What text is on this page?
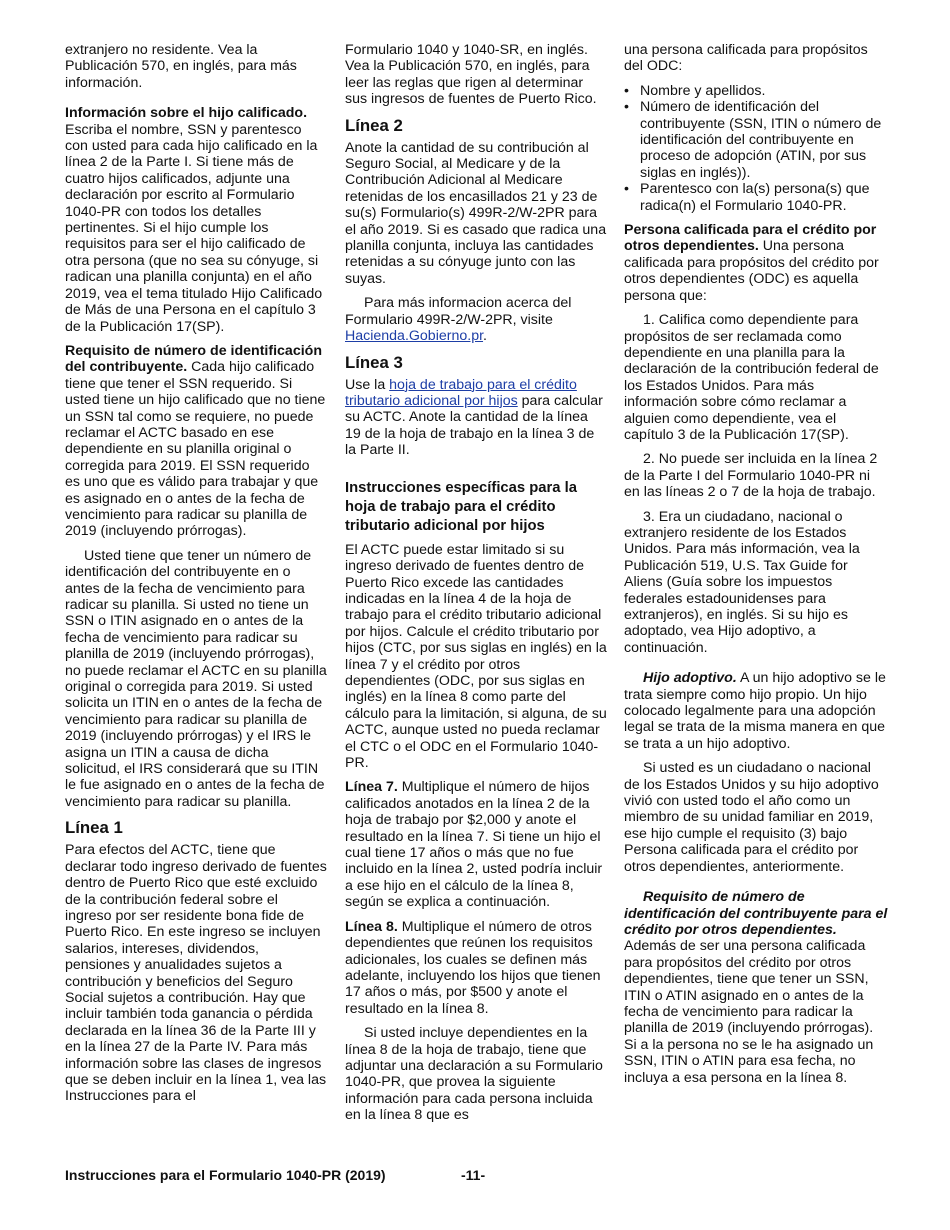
extranjero no residente. Vea la Publicación 570, en inglés, para más información.

Información sobre el hijo calificado. Escriba el nombre, SSN y parentesco con usted para cada hijo calificado en la línea 2 de la Parte I. Si tiene más de cuatro hijos calificados, adjunte una declaración por escrito al Formulario 1040-PR con todos los detalles pertinentes. Si el hijo cumple los requisitos para ser el hijo calificado de otra persona (que no sea su cónyuge, si radican una planilla conjunta) en el año 2019, vea el tema titulado Hijo Calificado de Más de una Persona en el capítulo 3 de la Publicación 17(SP).

Requisito de número de identificación del contribuyente. Cada hijo calificado tiene que tener el SSN requerido. Si usted tiene un hijo calificado que no tiene un SSN tal como se requiere, no puede reclamar el ACTC basado en ese dependiente en su planilla original o corregida para 2019. El SSN requerido es uno que es válido para trabajar y que es asignado en o antes de la fecha de vencimiento para radicar su planilla de 2019 (incluyendo prórrogas).

Usted tiene que tener un número de identificación del contribuyente en o antes de la fecha de vencimiento para radicar su planilla. Si usted no tiene un SSN o ITIN asignado en o antes de la fecha de vencimiento para radicar su planilla de 2019 (incluyendo prórrogas), no puede reclamar el ACTC en su planilla original o corregida para 2019. Si usted solicita un ITIN en o antes de la fecha de vencimiento para radicar su planilla de 2019 (incluyendo prórrogas) y el IRS le asigna un ITIN a causa de dicha solicitud, el IRS considerará que su ITIN le fue asignado en o antes de la fecha de vencimiento para radicar su planilla.

Línea 1

Para efectos del ACTC, tiene que declarar todo ingreso derivado de fuentes dentro de Puerto Rico que esté excluido de la contribución federal sobre el ingreso por ser residente bona fide de Puerto Rico. En este ingreso se incluyen salarios, intereses, dividendos, pensiones y anualidades sujetos a contribución y beneficios del Seguro Social sujetos a contribución. Hay que incluir también toda ganancia o pérdida declarada en la línea 36 de la Parte III y en la línea 27 de la Parte IV. Para más información sobre las clases de ingresos que se deben incluir en la línea 1, vea las Instrucciones para el

Formulario 1040 y 1040-SR, en inglés. Vea la Publicación 570, en inglés, para leer las reglas que rigen al determinar sus ingresos de fuentes de Puerto Rico.

Línea 2

Anote la cantidad de su contribución al Seguro Social, al Medicare y de la Contribución Adicional al Medicare retenidas de los encasillados 21 y 23 de su(s) Formulario(s) 499R-2/W-2PR para el año 2019. Si es casado que radica una planilla conjunta, incluya las cantidades retenidas a su cónyuge junto con las suyas.

Para más informacion acerca del Formulario 499R-2/W-2PR, visite Hacienda.Gobierno.pr.

Línea 3

Use la hoja de trabajo para el crédito tributario adicional por hijos para calcular su ACTC. Anote la cantidad de la línea 19 de la hoja de trabajo en la línea 3 de la Parte II.

Instrucciones específicas para la hoja de trabajo para el crédito tributario adicional por hijos

El ACTC puede estar limitado si su ingreso derivado de fuentes dentro de Puerto Rico excede las cantidades indicadas en la línea 4 de la hoja de trabajo para el crédito tributario adicional por hijos. Calcule el crédito tributario por hijos (CTC, por sus siglas en inglés) en la línea 7 y el crédito por otros dependientes (ODC, por sus siglas en inglés) en la línea 8 como parte del cálculo para la limitación, si alguna, de su ACTC, aunque usted no pueda reclamar el CTC o el ODC en el Formulario 1040-PR.

Línea 7. Multiplique el número de hijos calificados anotados en la línea 2 de la hoja de trabajo por $2,000 y anote el resultado en la línea 7. Si tiene un hijo el cual tiene 17 años o más que no fue incluido en la línea 2, usted podría incluir a ese hijo en el cálculo de la línea 8, según se explica a continuación.

Línea 8. Multiplique el número de otros dependientes que reúnen los requisitos adicionales, los cuales se definen más adelante, incluyendo los hijos que tienen 17 años o más, por $500 y anote el resultado en la línea 8.

Si usted incluye dependientes en la línea 8 de la hoja de trabajo, tiene que adjuntar una declaración a su Formulario 1040-PR, que provea la siguiente información para cada persona incluida en la línea 8 que es

una persona calificada para propósitos del ODC:

• Nombre y apellidos.
• Número de identificación del contribuyente (SSN, ITIN o número de identificación del contribuyente en proceso de adopción (ATIN, por sus siglas en inglés)).
• Parentesco con la(s) persona(s) que radica(n) el Formulario 1040-PR.

Persona calificada para el crédito por otros dependientes. Una persona calificada para propósitos del crédito por otros dependientes (ODC) es aquella persona que:

1. Califica como dependiente para propósitos de ser reclamada como dependiente en una planilla para la declaración de la contribución federal de los Estados Unidos. Para más información sobre cómo reclamar a alguien como dependiente, vea el capítulo 3 de la Publicación 17(SP).

2. No puede ser incluida en la línea 2 de la Parte I del Formulario 1040-PR ni en las líneas 2 o 7 de la hoja de trabajo.

3. Era un ciudadano, nacional o extranjero residente de los Estados Unidos. Para más información, vea la Publicación 519, U.S. Tax Guide for Aliens (Guía sobre los impuestos federales estadounidenses para extranjeros), en inglés. Si su hijo es adoptado, vea Hijo adoptivo, a continuación.

Hijo adoptivo. A un hijo adoptivo se le trata siempre como hijo propio. Un hijo colocado legalmente para una adopción legal se trata de la misma manera en que se trata a un hijo adoptivo.

Si usted es un ciudadano o nacional de los Estados Unidos y su hijo adoptivo vivió con usted todo el año como un miembro de su unidad familiar en 2019, ese hijo cumple el requisito (3) bajo Persona calificada para el crédito por otros dependientes, anteriormente.

Requisito de número de identificación del contribuyente para el crédito por otros dependientes. Además de ser una persona calificada para propósitos del crédito por otros dependientes, tiene que tener un SSN, ITIN o ATIN asignado en o antes de la fecha de vencimiento para radicar la planilla de 2019 (incluyendo prórrogas). Si a la persona no se le ha asignado un SSN, ITIN o ATIN para esa fecha, no incluya a esa persona en la línea 8.

Instrucciones para el Formulario 1040-PR (2019)	-11-
